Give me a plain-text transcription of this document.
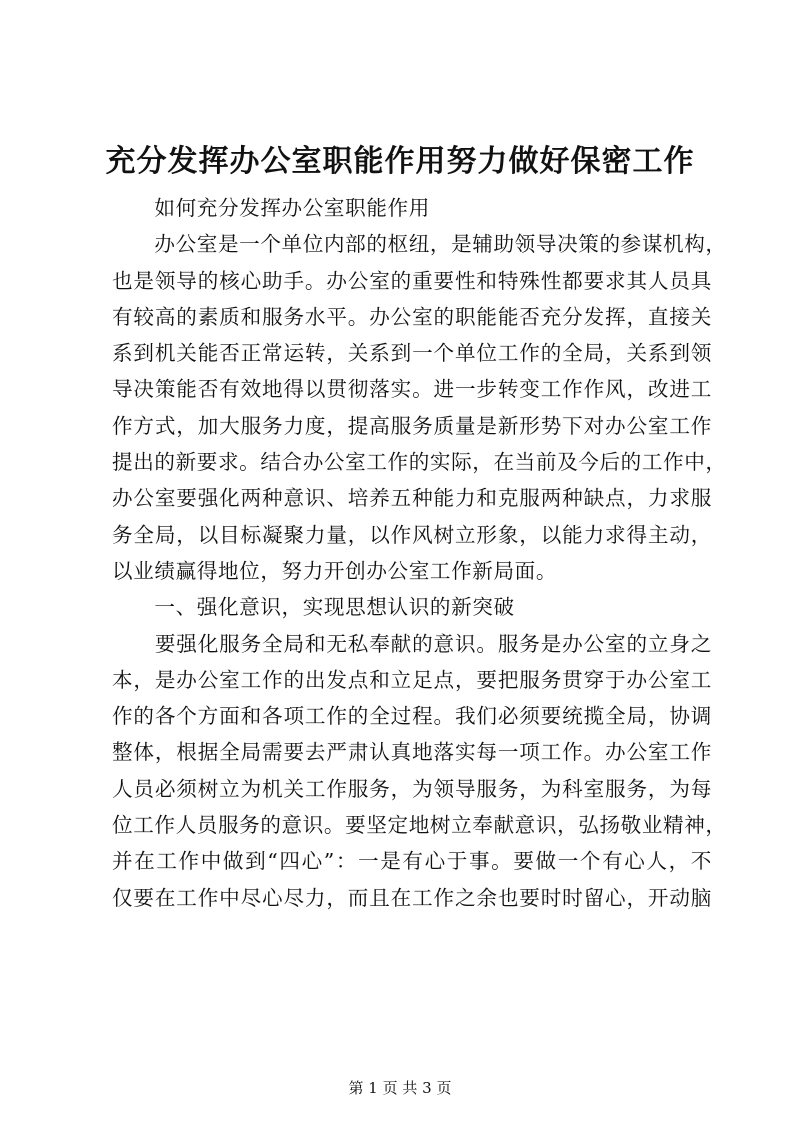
充分发挥办公室职能作用努力做好保密工作
　　如何充分发挥办公室职能作用
　　办公室是一个单位内部的枢纽，是辅助领导决策的参谋机构，
也是领导的核心助手。办公室的重要性和特殊性都要求其人员具
有较高的素质和服务水平。办公室的职能能否充分发挥，直接关
系到机关能否正常运转，关系到一个单位工作的全局，关系到领
导决策能否有效地得以贯彻落实。进一步转变工作作风，改进工
作方式，加大服务力度，提高服务质量是新形势下对办公室工作
提出的新要求。结合办公室工作的实际，在当前及今后的工作中，
办公室要强化两种意识、培养五种能力和克服两种缺点，力求服
务全局，以目标凝聚力量，以作风树立形象，以能力求得主动，
以业绩赢得地位，努力开创办公室工作新局面。
　　一、强化意识，实现思想认识的新突破
　　要强化服务全局和无私奉献的意识。服务是办公室的立身之
本，是办公室工作的出发点和立足点，要把服务贯穿于办公室工
作的各个方面和各项工作的全过程。我们必须要统揽全局，协调
整体，根据全局需要去严肃认真地落实每一项工作。办公室工作
人员必须树立为机关工作服务，为领导服务，为科室服务，为每
位工作人员服务的意识。要坚定地树立奉献意识，弘扬敬业精神，
并在工作中做到“四心”：一是有心于事。要做一个有心人，不
仅要在工作中尽心尽力，而且在工作之余也要时时留心，开动脑
第 1 页 共 3 页
